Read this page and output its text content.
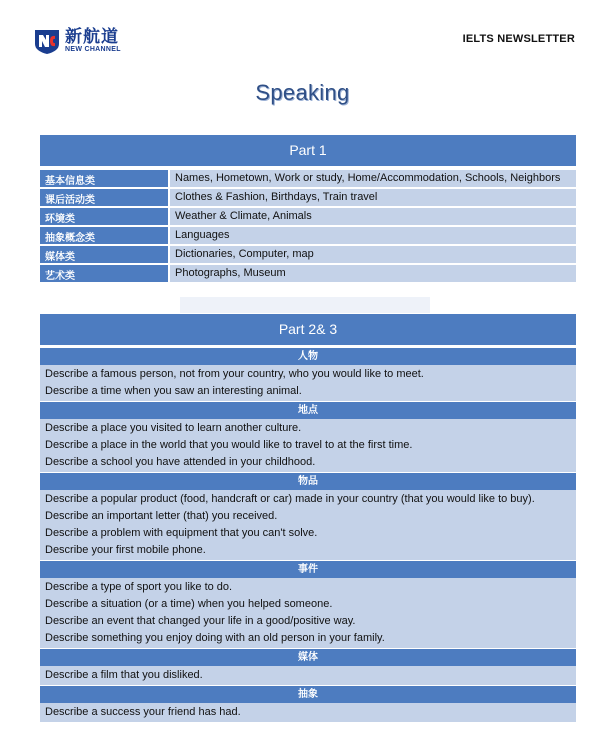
新航道
NEW CHANNEL
IELTS NEWSLETTER
Speaking
Part 1
基本信息类	Names, Hometown, Work or study, Home/Accommodation, Schools, Neighbors
课后活动类	Clothes & Fashion, Birthdays, Train travel
环境类	Weather & Climate, Animals
抽象概念类	Languages
媒体类	Dictionaries, Computer, map
艺术类	Photographs, Museum
Part 2& 3
人物
Describe a famous person, not from your country, who you would like to meet.
Describe a time when you saw an interesting animal.
地点
Describe a place you visited to learn another culture.
Describe a place in the world that you would like to travel to at the first time.
Describe a school you have attended in your childhood.
物品
Describe a popular product (food, handcraft or car) made in your country (that you would like to buy).
Describe an important letter (that) you received.
Describe a problem with equipment that you can't solve.
Describe your first mobile phone.
事件
Describe a type of sport you like to do.
Describe a situation (or a time) when you helped someone.
Describe an event that changed your life in a good/positive way.
Describe something you enjoy doing with an old person in your family.
媒体
Describe a film that you disliked.
抽象
Describe a success your friend has had.
